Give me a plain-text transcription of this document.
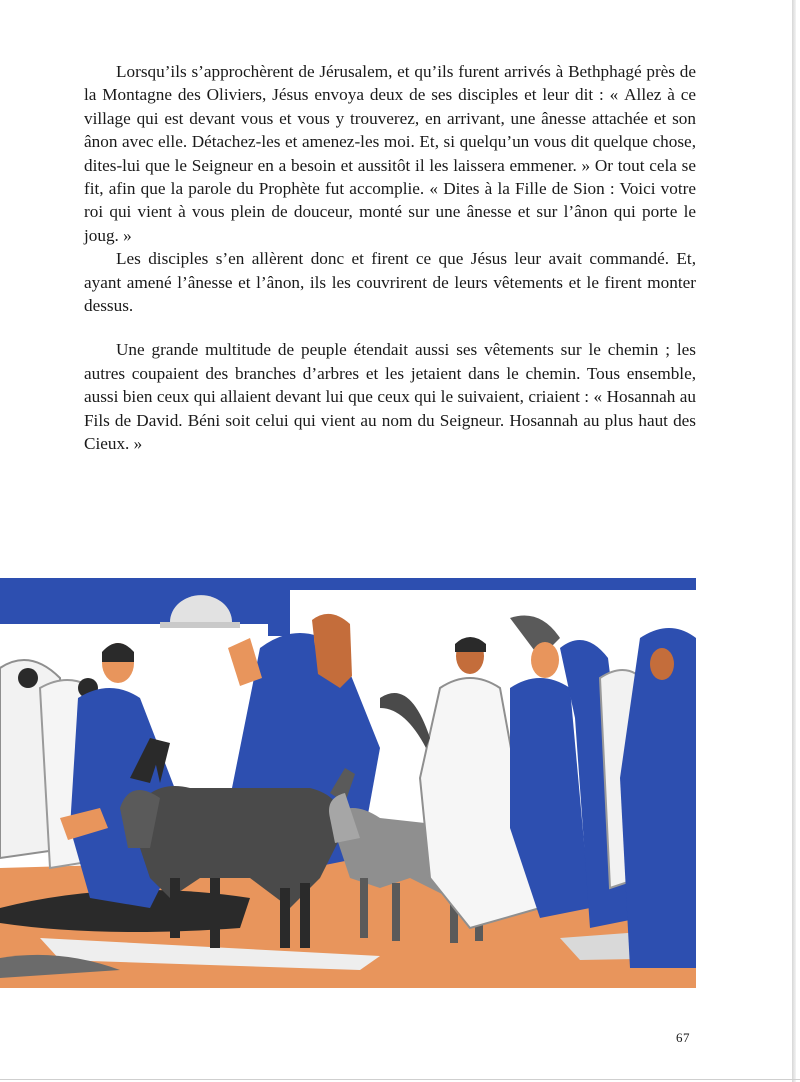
Lorsqu’ils s’approchèrent de Jérusalem, et qu’ils furent arrivés à Bethphagé près de la Montagne des Oliviers, Jésus envoya deux de ses disciples et leur dit : « Allez à ce village qui est devant vous et vous y trouverez, en arrivant, une ânesse attachée et son ânon avec elle. Détachez-les et amenez-les moi. Et, si quelqu’un vous dit quelque chose, dites-lui que le Seigneur en a besoin et aussitôt il les laissera emmener. » Or tout cela se fit, afin que la parole du Prophète fut accomplie. « Dites à la Fille de Sion : Voici votre roi qui vient à vous plein de douceur, monté sur une ânesse et sur l’ânon qui porte le joug. »

Les disciples s’en allèrent donc et firent ce que Jésus leur avait commandé. Et, ayant amené l’ânesse et l’ânon, ils les couvrirent de leurs vêtements et le firent monter dessus.

Une grande multitude de peuple étendait aussi ses vêtements sur le chemin ; les autres coupaient des branches d’arbres et les jetaient dans le chemin. Tous ensemble, aussi bien ceux qui allaient devant lui que ceux qui le suivaient, criaient : « Hosannah au Fils de David. Béni soit celui qui vient au nom du Seigneur. Hosannah au plus haut des Cieux. »

67
